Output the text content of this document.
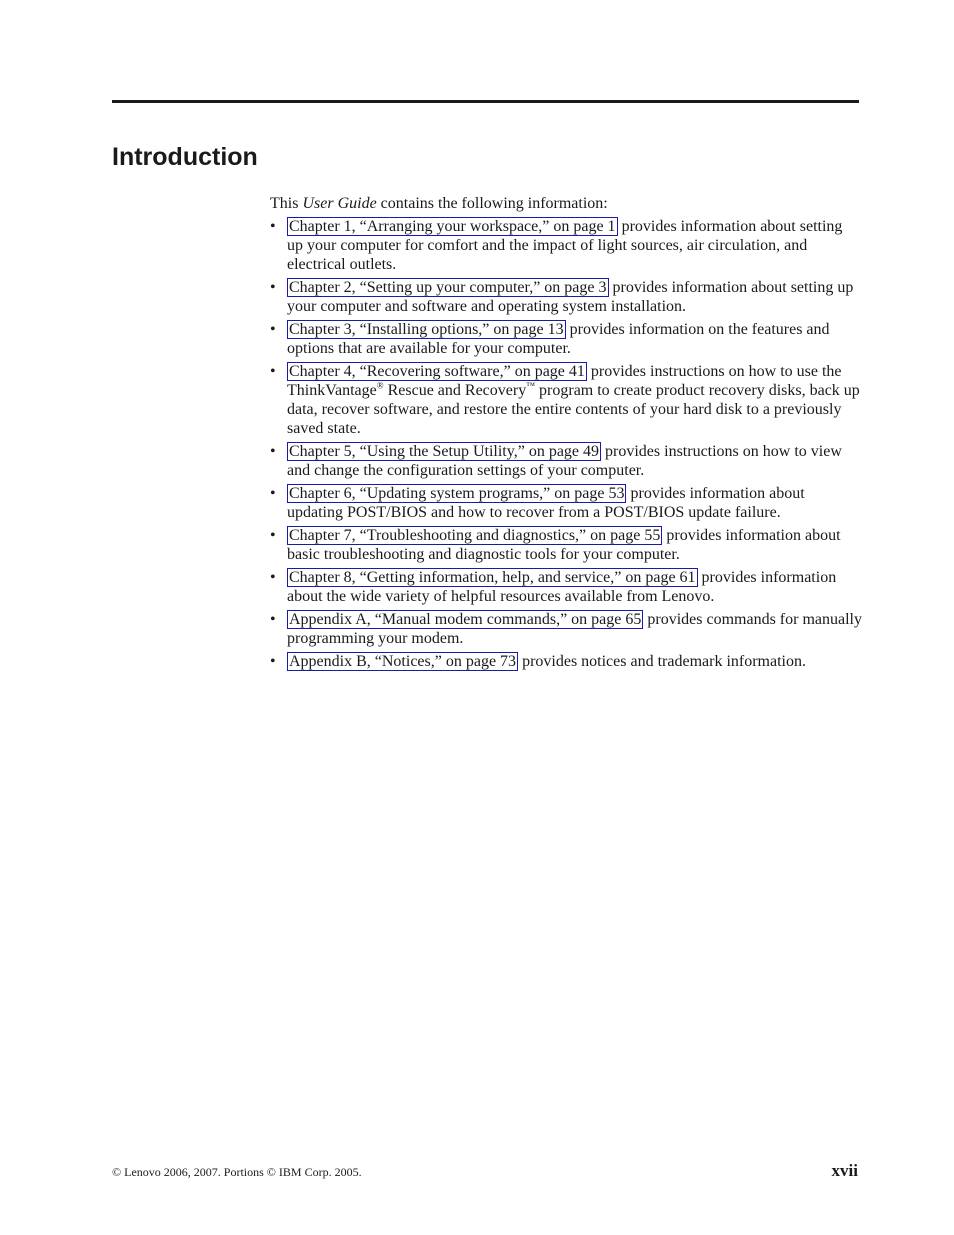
Introduction

This User Guide contains the following information:

• Chapter 1, “Arranging your workspace,” on page 1 provides information about setting up your computer for comfort and the impact of light sources, air circulation, and electrical outlets.
• Chapter 2, “Setting up your computer,” on page 3 provides information about setting up your computer and software and operating system installation.
• Chapter 3, “Installing options,” on page 13 provides information on the features and options that are available for your computer.
• Chapter 4, “Recovering software,” on page 41 provides instructions on how to use the ThinkVantage® Rescue and Recovery™ program to create product recovery disks, back up data, recover software, and restore the entire contents of your hard disk to a previously saved state.
• Chapter 5, “Using the Setup Utility,” on page 49 provides instructions on how to view and change the configuration settings of your computer.
• Chapter 6, “Updating system programs,” on page 53 provides information about updating POST/BIOS and how to recover from a POST/BIOS update failure.
• Chapter 7, “Troubleshooting and diagnostics,” on page 55 provides information about basic troubleshooting and diagnostic tools for your computer.
• Chapter 8, “Getting information, help, and service,” on page 61 provides information about the wide variety of helpful resources available from Lenovo.
• Appendix A, “Manual modem commands,” on page 65 provides commands for manually programming your modem.
• Appendix B, “Notices,” on page 73 provides notices and trademark information.
© Lenovo 2006, 2007. Portions © IBM Corp. 2005.	xvii
